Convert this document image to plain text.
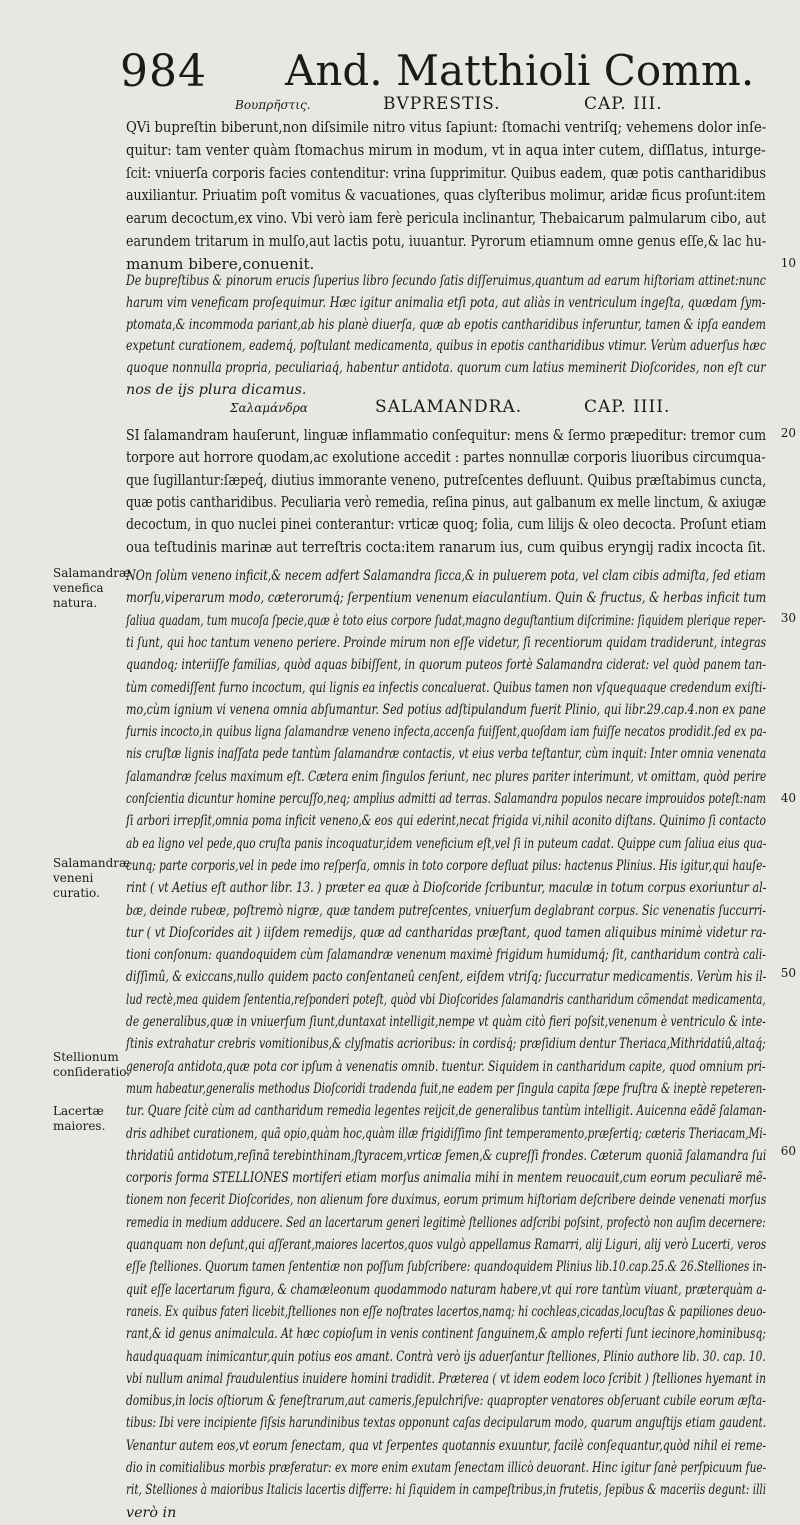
984 And. Matthioli Comm.
Βουπρῆστις.	BVPRESTIS.	CAP. III.
QVi bupreſtin biberunt,non diſsimile nitro vitus ſapiunt: ſtomachi ventriſq; vehemens dolor inſe-
quitur: tam venter quàm ſtomachus mirum in modum, vt in aqua inter cutem, diſſlatus, inturge-
ſcit: vniuerſa corporis facies contenditur: vrina ſupprimitur. Quibus eadem, quæ potis cantharidibus
auxiliantur. Priuatim poſt vomitus & vacuationes, quas clyſteribus molimur, aridæ ficus proſunt:item
earum decoctum,ex vino. Vbi verò iam ferè pericula inclinantur, Thebaicarum palmularum cibo, aut
earundem tritarum in mulſo,aut lactis potu, iuuantur. Pyrorum etiamnum omne genus eſſe,& lac hu-
manum bibere,conuenit.
De bupreſtibus & pinorum erucis ſuperius libro ſecundo ſatis diſſeruimus,quantum ad earum hiſtoriam attinet:nunc
harum vim veneficam proſequimur. Hæc igitur animalia etſi pota, aut aliàs in ventriculum ingeſta, quædam ſym-
ptomata,& incommoda pariant,ab his planè diuerſa, quæ ab epotis cantharidibus inferuntur, tamen & ipſa eandem
expetunt curationem, eademq́, poſtulant medicamenta, quibus in epotis cantharidibus vtimur. Verùm aduerſus hæc
quoque nonnulla propria, peculiariaq́, habentur antidota. quorum cum latius meminerit Dioſcorides, non eſt cur
nos de ijs plura dicamus.
Σαλαμάνδρα	SALAMANDRA.	CAP. IIII.
SI ſalamandram hauſerunt, linguæ inflammatio conſequitur: mens & ſermo præpeditur: tremor cum
torpore aut horrore quodam,ac exolutione accedit : partes nonnullæ corporis liuoribus circumqua-
que ſugillantur:ſæpeq́, diutius immorante veneno, putreſcentes defluunt. Quibus præſtabimus cuncta,
quæ potis cantharidibus. Peculiaria verò remedia, reſina pinus, aut galbanum ex melle linctum, & axiugæ
decoctum, in quo nuclei pinei conterantur: vrticæ quoq; folia, cum lilijs & oleo decocta. Proſunt etiam
oua teſtudinis marinæ aut terreſtris cocta:item ranarum ius, cum quibus eryngij radix incocta ſit.
NOn ſolùm veneno inficit,& necem adfert Salamandra ſicca,& in puluerem pota, vel clam cibis admiſta, ſed etiam
morſu,viperarum modo, cæterorumq́; ſerpentium venenum eiaculantium. Quin & fructus, & herbas inficit tum
ſaliua quadam, tum mucoſa ſpecie,quæ è toto eius corpore ſudat,magno deguſtantium diſcrimine: ſiquidem plerique reper-
ti ſunt, qui hoc tantum veneno periere. Proinde mirum non eſſe videtur, ſi recentiorum quidam tradiderunt, integras
quandoq; interiiſſe familias, quòd aquas bibiſſent, in quorum puteos fortè Salamandra ciderat: vel quòd panem tan-
tùm comediſſent furno incoctum, qui lignis ea infectis concaluerat. Quibus tamen non vſquequaque credendum exiſti-
mo,cùm ignium vi venena omnia abſumantur. Sed potius adſtipulandum fuerit Plinio, qui libr.29.cap.4.non ex pane
furnis incocto,in quibus ligna ſalamandræ veneno infecta,accenſa fuiſſent,quoſdam iam fuiſſe necatos prodidit.ſed ex pa-
nis cruſtæ lignis inaſſata pede tantùm ſalamandræ contactis, vt eius verba teſtantur, cùm inquit: Inter omnia venenata
ſalamandræ ſcelus maximum eſt. Cætera enim ſingulos feriunt, nec plures pariter interimunt, vt omittam, quòd perire
conſcientia dicuntur homine percuſſo,neq; amplius admitti ad terras. Salamandra populos necare improuidos poteſt:nam
ſi arbori irrepſit,omnia poma inficit veneno,& eos qui ederint,necat frigida vi,nihil aconito diſtans. Quinimo ſi contacto
ab ea ligno vel pede,quo cruſta panis incoquatur,idem veneficium eſt,vel ſi in puteum cadat. Quippe cum ſaliua eius qua-
cunq; parte corporis,vel in pede imo reſperſa, omnis in toto corpore defluat pilus: hactenus Plinius. His igitur,qui hauſe-
rint ( vt Aetius eſt author libr. 13. ) præter ea quæ à Dioſcoride ſcribuntur, maculæ in totum corpus exoriuntur al-
bæ, deinde rubeæ, poſtremò nigræ, quæ tandem putreſcentes, vniuerſum deglabrant corpus. Sic venenatis ſuccurri-
tur ( vt Dioſcorides ait ) iiſdem remedijs, quæ ad cantharidas præſtant, quod tamen aliquibus minimè videtur ra-
tioni conſonum: quandoquidem cùm ſalamandræ venenum maximè frigidum humidumq́; ſit, cantharidum contrà cali-
diſſimû, & exiccans,nullo quidem pacto conſentaneû cenſent, eiſdem vtriſq; ſuccurratur medicamentis. Verùm his il-
lud rectè,mea quidem ſententia,reſponderi poteſt, quòd vbi Dioſcorides ſalamandris cantharidum cõmendat medicamenta,
de generalibus,quæ in vniuerſum ſiunt,duntaxat intelligit,nempe vt quàm citò fieri poſsit,venenum è ventriculo & inte-
ſtinis extrahatur crebris vomitionibus,& clyſmatis acrioribus: in cordisq́; præſidium dentur Theriaca,Mithridatiû,altaq́;
generoſa antidota,quæ pota cor ipſum à venenatis omnib. tuentur. Siquidem in cantharidum capite, quod omnium pri-
mum habeatur,generalis methodus Dioſcoridi tradenda fuit,ne eadem per ſingula capita ſæpe fruſtra & ineptè repeteren-
tur. Quare ſcitè cùm ad cantharidum remedia legentes reijcit,de generalibus tantùm intelligit. Auicenna eãdẽ ſalaman-
dris adhibet curationem, quã opio,quàm hoc,quàm illæ frigidiſſimo ſint temperamento,præſertiq; cæteris Theriacam,Mi-
thridatiû antidotum,reſinã terebinthinam,ſtyracem,vrticæ ſemen,& cupreſſi frondes. Cæterum quoniã ſalamandra ſui
corporis forma STELLIONES mortiferi etiam morſus animalia mihi in mentem reuocauit,cum eorum peculiarẽ mẽ-
tionem non fecerit Dioſcorides, non alienum fore duximus, eorum primum hiſtoriam deſcribere deinde venenati morſus
remedia in medium adducere. Sed an lacertarum generi legitimè ſtelliones adſcribi poſsint, profectò non auſim decernere:
quanquam non deſunt,qui aſſerant,maiores lacertos,quos vulgò appellamus Ramarri, alij Liguri, alij verò Lucerti, veros
eſſe ſtelliones. Quorum tamen ſententiæ non poſſum ſubſcribere: quandoquidem Plinius lib.10.cap.25.& 26.Stelliones in-
quit eſſe lacertarum figura, & chamæleonum quodammodo naturam habere,vt qui rore tantùm viuant, præterquàm a-
raneis. Ex quibus fateri licebit,ſtelliones non eſſe noſtrates lacertos,namq; hi cochleas,cicadas,locuſtas & papiliones deuo-
rant,& id genus animalcula. At hæc copioſum in venis continent ſanguinem,& amplo referti ſunt iecinore,hominibusq;
haudquaquam inimicantur,quin potius eos amant. Contrà verò ijs aduerſantur ſtelliones, Plinio authore lib. 30. cap. 10.
vbi nullum animal fraudulentius inuidere homini tradidit. Præterea ( vt idem eodem loco ſcribit ) ſtelliones hyemant in
domibus,in locis oſtiorum & feneſtrarum,aut cameris,ſepulchriſve: quapropter venatores obſeruant cubile eorum æſta-
tibus: Ibi vere incipiente ſiſsis harundinibus textas opponunt caſas decipularum modo, quarum anguſtijs etiam gaudent.
Venantur autem eos,vt eorum ſenectam, qua vt ſerpentes quotannis exuuntur, facilè conſequantur,quòd nihil ei reme-
dio in comitialibus morbis præferatur: ex more enim exutam ſenectam illicò deuorant. Hinc igitur ſanè perſpicuum fue-
rit, Stelliones à maioribus Italicis lacertis differre: hi ſiquidem in campeſtribus,in frutetis, ſepibus & maceriis degunt: illi
verò in
Salamandræ venefica natura.
Salamandræ veneni curatio.
Stellionum conſideratio.
Lacertæ maiores.
10
20
30
40
50
60
